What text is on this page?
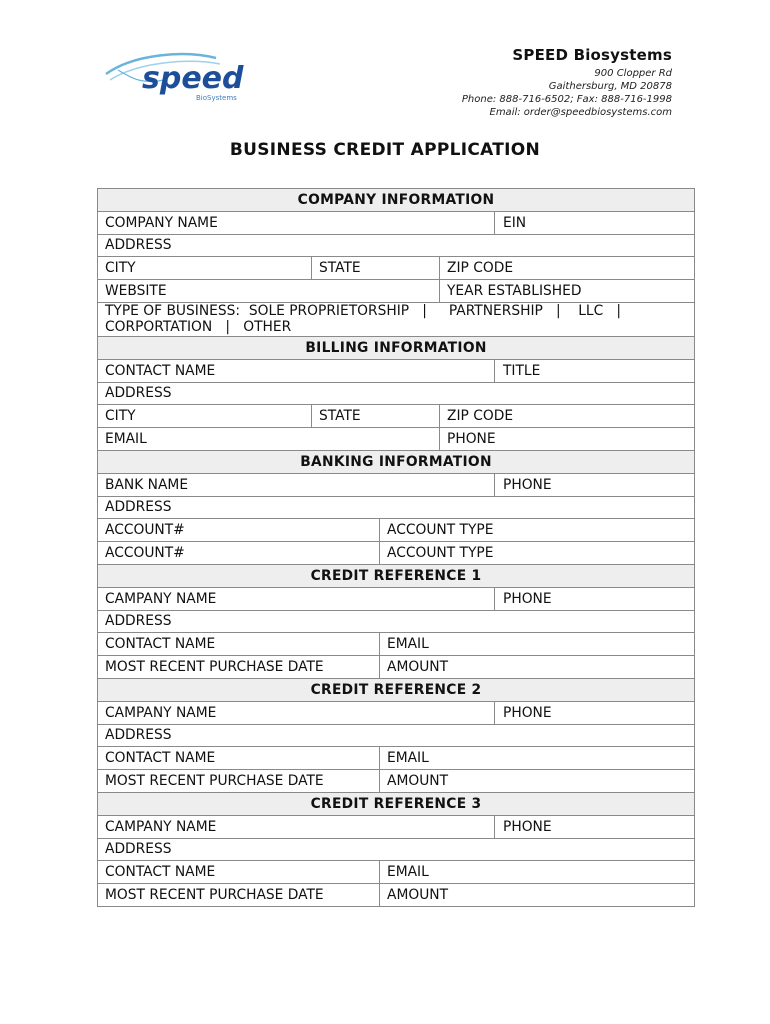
speed
BioSystems
SPEED Biosystems
900 Clopper Rd
Gaithersburg, MD 20878
Phone: 888-716-6502; Fax: 888-716-1998
Email: order@speedbiosystems.com
BUSINESS CREDIT APPLICATION
COMPANY INFORMATION				
COMPANY NAME				EIN
ADDRESS				
CITY	STATE		ZIP CODE	
WEBSITE			YEAR ESTABLISHED	
TYPE OF BUSINESS:  SOLE PROPRIETORSHIP   |     PARTNERSHIP   |    LLC   |    CORPORTATION   |   OTHER				
BILLING INFORMATION				
CONTACT NAME				TITLE
ADDRESS				
CITY	STATE		ZIP CODE	
EMAIL			PHONE	
BANKING INFORMATION				
BANK NAME				PHONE
ADDRESS				
ACCOUNT#		ACCOUNT TYPE		
ACCOUNT#		ACCOUNT TYPE		
CREDIT REFERENCE 1				
CAMPANY NAME				PHONE
ADDRESS				
CONTACT NAME		EMAIL		
MOST RECENT PURCHASE DATE		AMOUNT		
CREDIT REFERENCE 2				
CAMPANY NAME				PHONE
ADDRESS				
CONTACT NAME		EMAIL		
MOST RECENT PURCHASE DATE		AMOUNT		
CREDIT REFERENCE 3				
CAMPANY NAME				PHONE
ADDRESS				
CONTACT NAME		EMAIL		
MOST RECENT PURCHASE DATE		AMOUNT		
